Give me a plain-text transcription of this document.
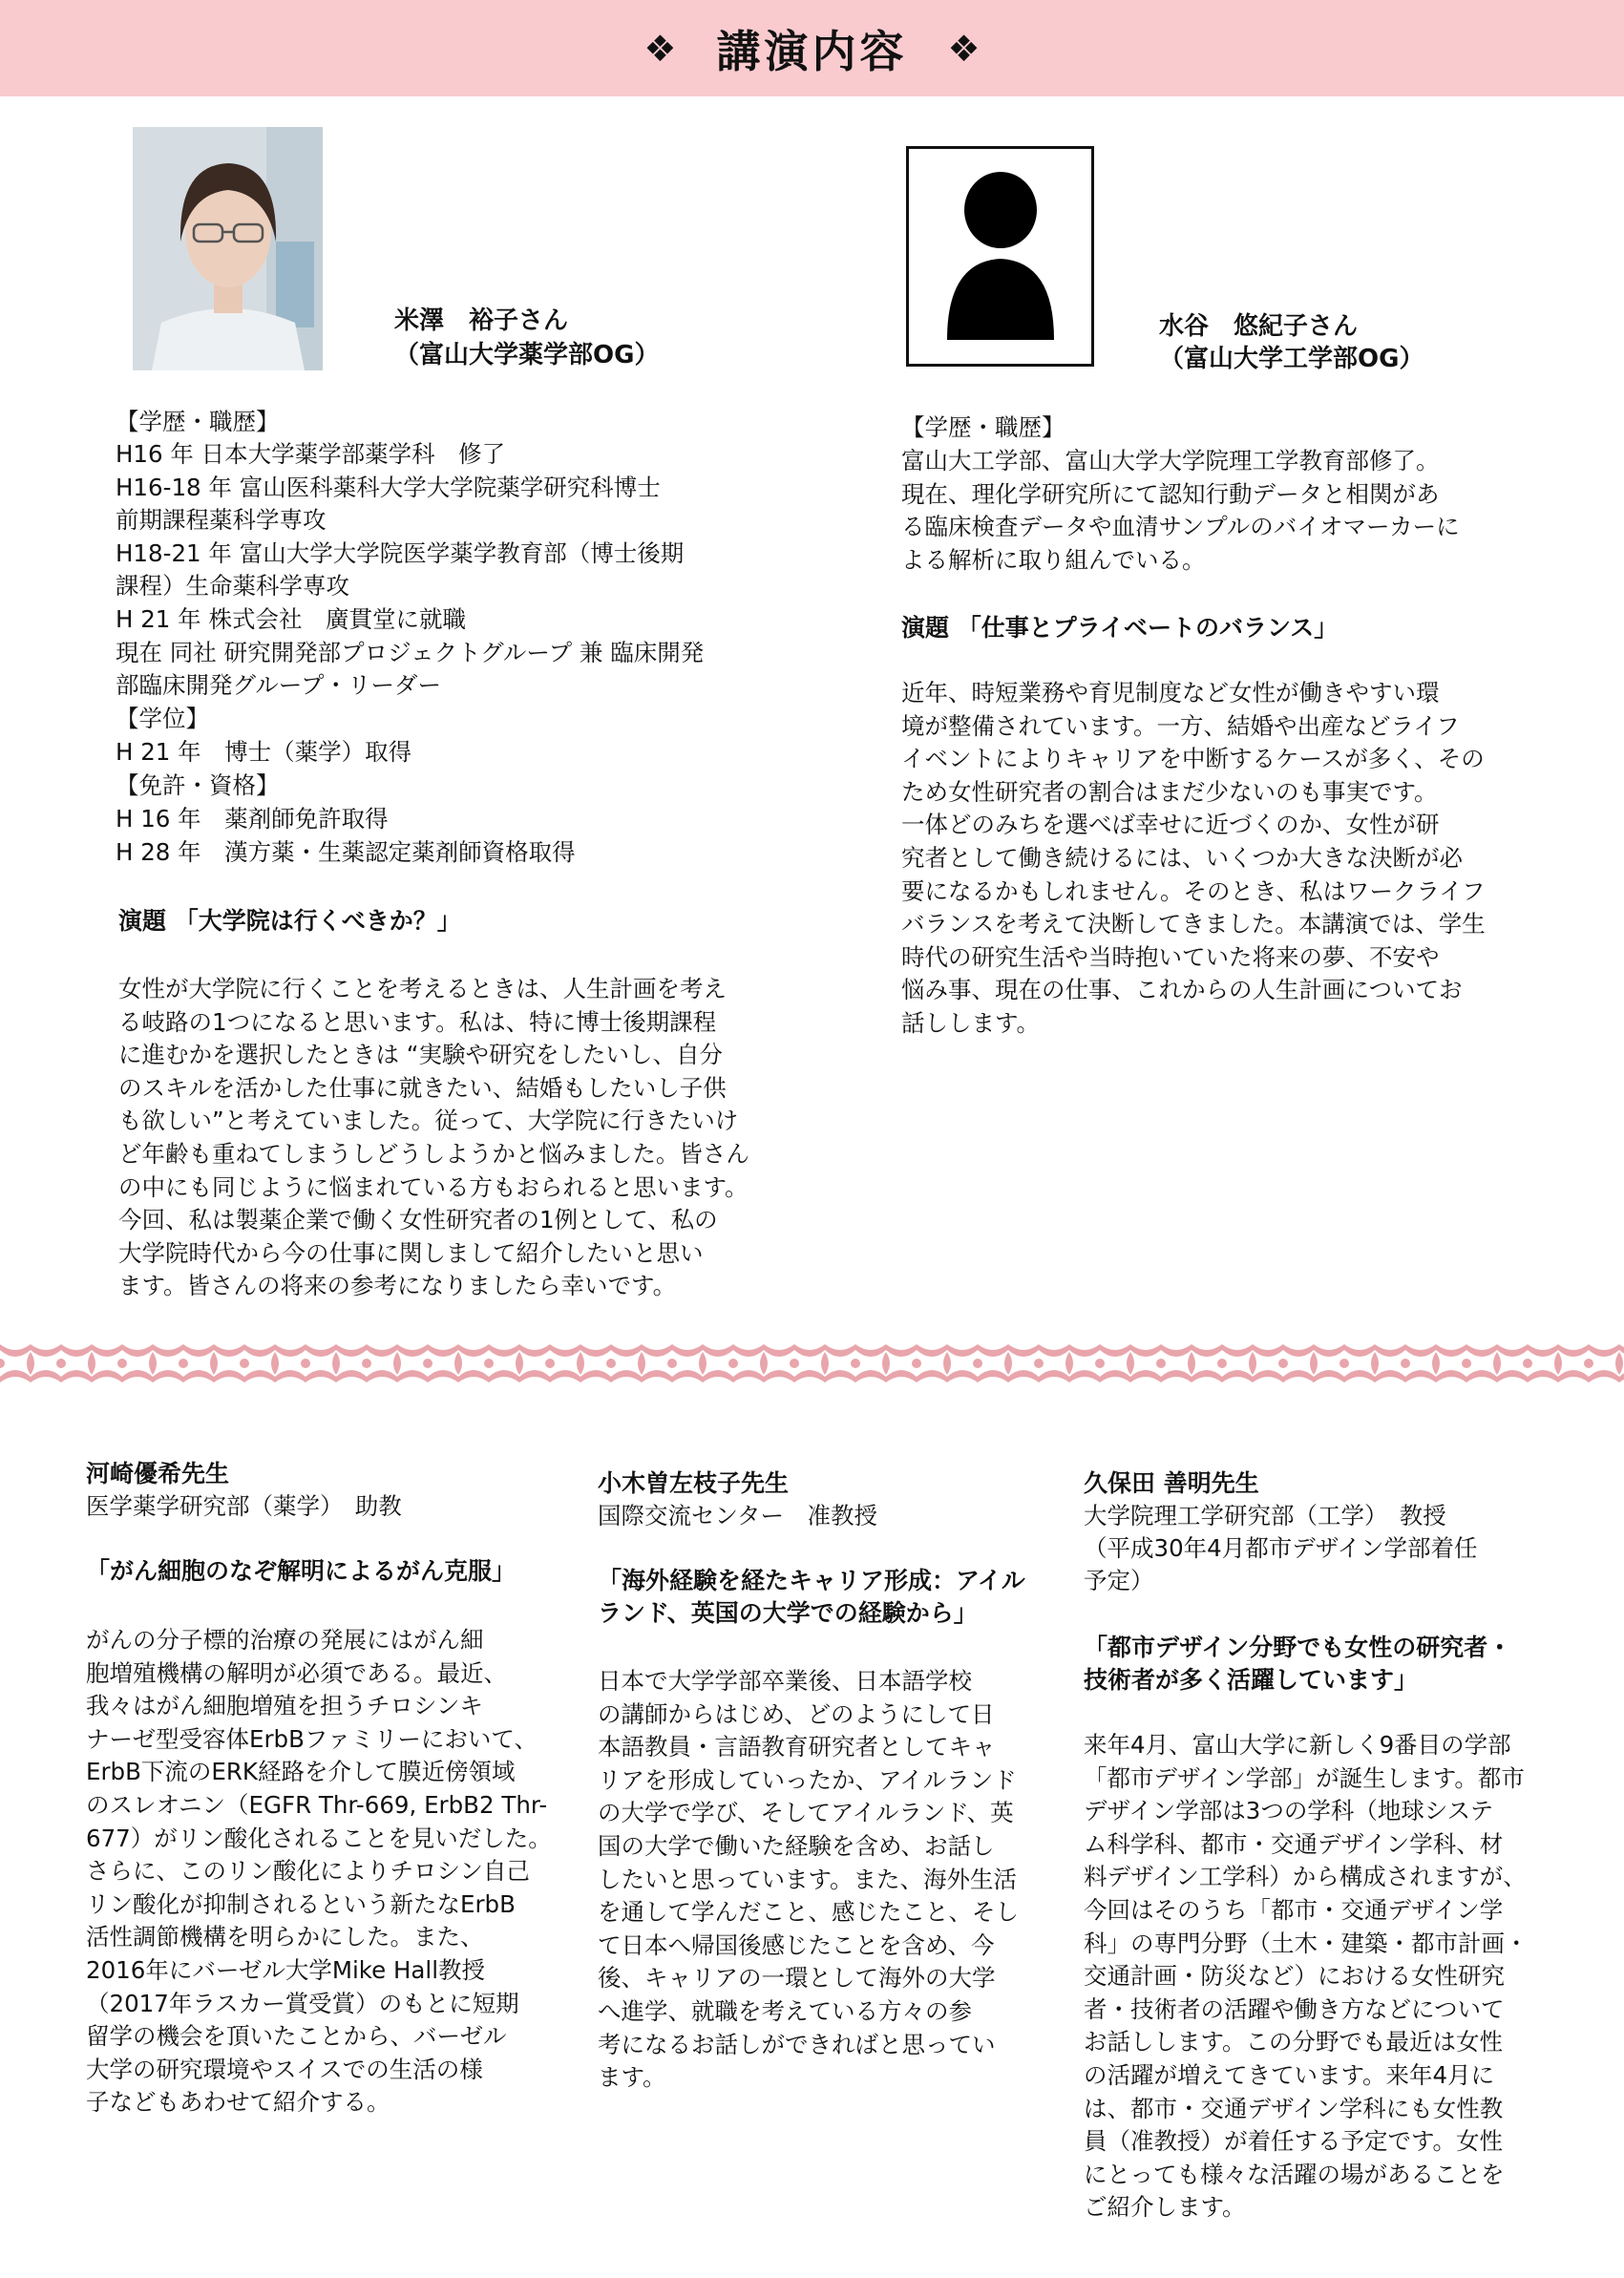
❖ 講演内容 ❖
米澤　裕子さん
（富山大学薬学部OG）
水谷　悠紀子さん
（富山大学工学部OG）
【学歴・職歴】
H16 年 日本大学薬学部薬学科　修了
H16-18 年 富山医科薬科大学大学院薬学研究科博士
前期課程薬科学専攻
H18-21 年 富山大学大学院医学薬学教育部（博士後期
課程）生命薬科学専攻
H 21 年 株式会社　廣貫堂に就職
現在 同社 研究開発部プロジェクトグループ 兼 臨床開発
部臨床開発グループ・リーダー
【学位】
H 21 年　博士（薬学）取得
【免許・資格】
H 16 年　薬剤師免許取得
H 28 年　漢方薬・生薬認定薬剤師資格取得
演題 「大学院は行くべきか？」
女性が大学院に行くことを考えるときは、人生計画を考え
る岐路の1つになると思います。私は、特に博士後期課程
に進むかを選択したときは “実験や研究をしたいし、自分
のスキルを活かした仕事に就きたい、結婚もしたいし子供
も欲しい”と考えていました。従って、大学院に行きたいけ
ど年齢も重ねてしまうしどうしようかと悩みました。皆さん
の中にも同じように悩まれている方もおられると思います。
今回、私は製薬企業で働く女性研究者の1例として、私の
大学院時代から今の仕事に関しまして紹介したいと思い
ます。皆さんの将来の参考になりましたら幸いです。
【学歴・職歴】
富山大工学部、富山大学大学院理工学教育部修了。
現在、理化学研究所にて認知行動データと相関があ
る臨床検査データや血清サンプルのバイオマーカーに
よる解析に取り組んでいる。
演題 「仕事とプライベートのバランス」
近年、時短業務や育児制度など女性が働きやすい環
境が整備されています。一方、結婚や出産などライフ
イベントによりキャリアを中断するケースが多く、その
ため女性研究者の割合はまだ少ないのも事実です。
一体どのみちを選べば幸せに近づくのか、女性が研
究者として働き続けるには、いくつか大きな決断が必
要になるかもしれません。そのとき、私はワークライフ
バランスを考えて決断してきました。本講演では、学生
時代の研究生活や当時抱いていた将来の夢、不安や
悩み事、現在の仕事、これからの人生計画についてお
話しします。
河崎優希先生
医学薬学研究部（薬学）　助教
「がん細胞のなぞ解明によるがん克服」
がんの分子標的治療の発展にはがん細
胞増殖機構の解明が必須である。最近、
我々はがん細胞増殖を担うチロシンキ
ナーゼ型受容体ErbBファミリーにおいて、
ErbB下流のERK経路を介して膜近傍領域
のスレオニン（EGFR Thr-669, ErbB2 Thr-
677）がリン酸化されることを見いだした。
さらに、このリン酸化によりチロシン自己
リン酸化が抑制されるという新たなErbB
活性調節機構を明らかにした。また、
2016年にバーゼル大学Mike Hall教授
（2017年ラスカー賞受賞）のもとに短期
留学の機会を頂いたことから、バーゼル
大学の研究環境やスイスでの生活の様
子などもあわせて紹介する。
小木曽左枝子先生
国際交流センター　准教授
「海外経験を経たキャリア形成：アイル
ランド、英国の大学での経験から」
日本で大学学部卒業後、日本語学校
の講師からはじめ、どのようにして日
本語教員・言語教育研究者としてキャ
リアを形成していったか、アイルランド
の大学で学び、そしてアイルランド、英
国の大学で働いた経験を含め、お話し
したいと思っています。また、海外生活
を通して学んだこと、感じたこと、そし
て日本へ帰国後感じたことを含め、今
後、キャリアの一環として海外の大学
へ進学、就職を考えている方々の参
考になるお話しができればと思ってい
ます。
久保田 善明先生
大学院理工学研究部（工学）　教授
（平成30年4月都市デザイン学部着任
予定）
「都市デザイン分野でも女性の研究者・
技術者が多く活躍しています」
来年4月、富山大学に新しく9番目の学部
「都市デザイン学部」が誕生します。都市
デザイン学部は3つの学科（地球システ
ム科学科、都市・交通デザイン学科、材
料デザイン工学科）から構成されますが、
今回はそのうち「都市・交通デザイン学
科」の専門分野（土木・建築・都市計画・
交通計画・防災など）における女性研究
者・技術者の活躍や働き方などについて
お話しします。この分野でも最近は女性
の活躍が増えてきています。来年4月に
は、都市・交通デザイン学科にも女性教
員（准教授）が着任する予定です。女性
にとっても様々な活躍の場があることを
ご紹介します。
